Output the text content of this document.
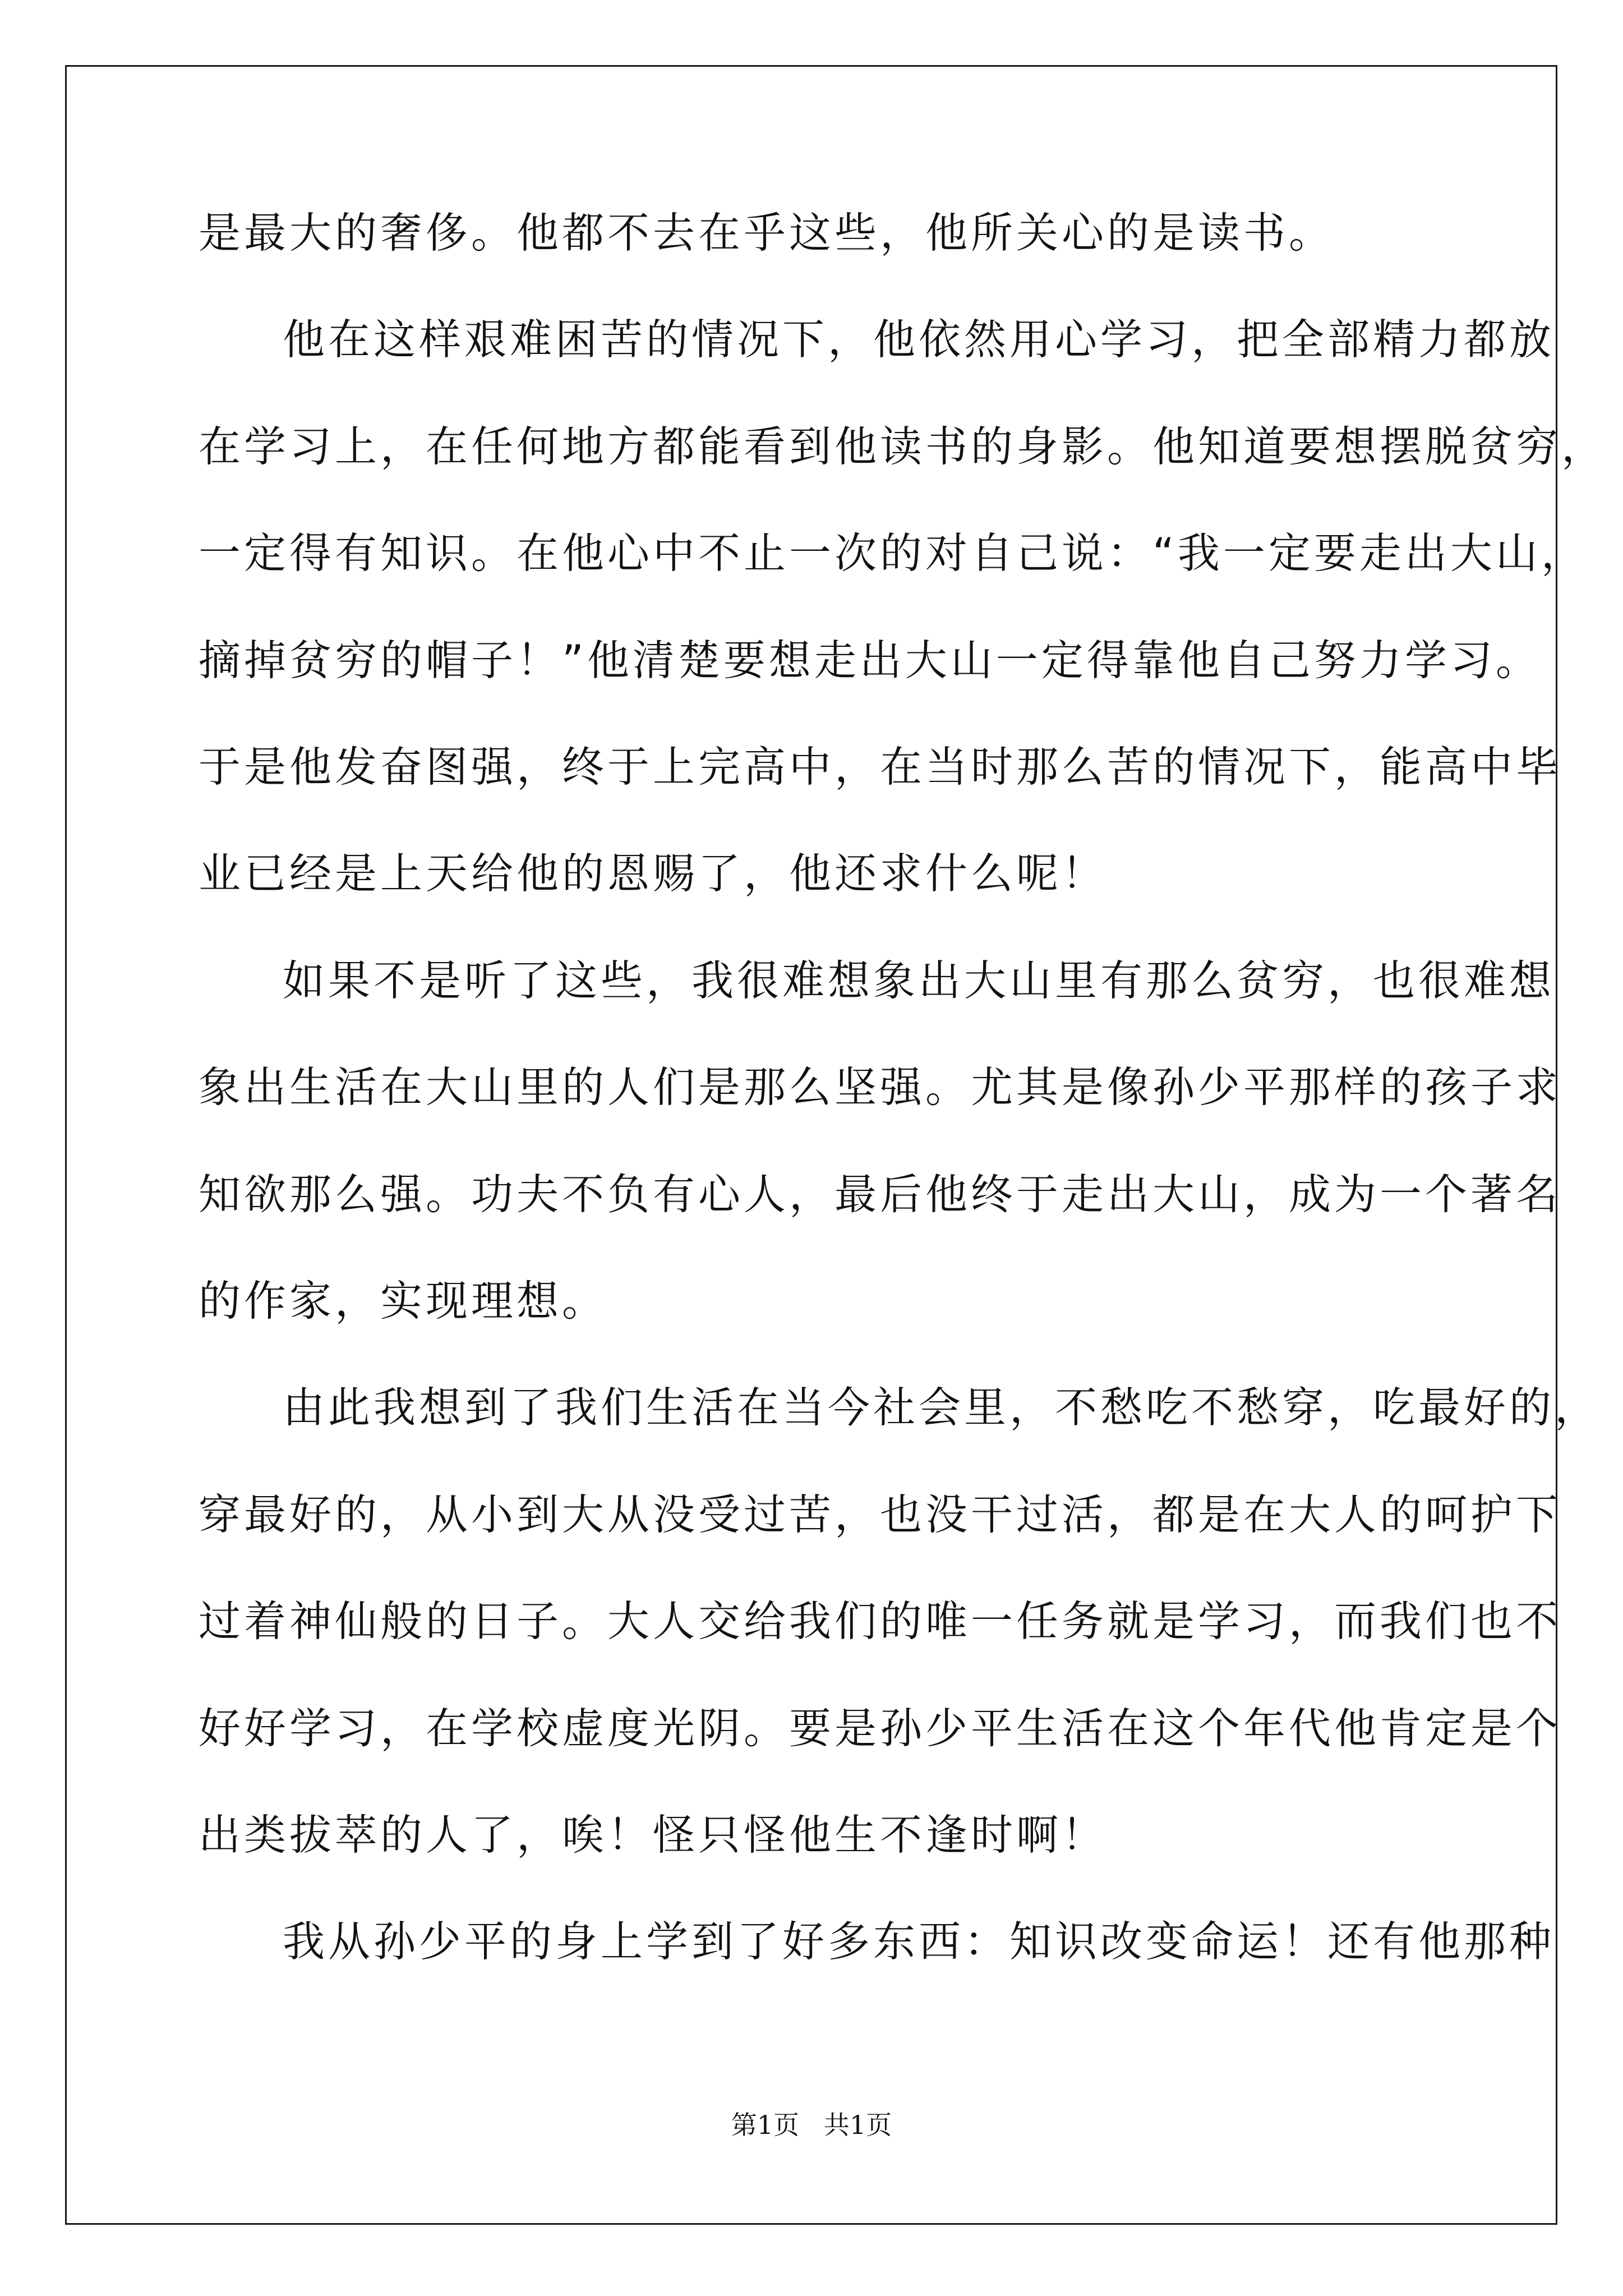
是最大的奢侈。他都不去在乎这些，他所关心的是读书。
他在这样艰难困苦的情况下，他依然用心学习，把全部精力都放
在学习上，在任何地方都能看到他读书的身影。他知道要想摆脱贫穷，
一定得有知识。在他心中不止一次的对自己说：“我一定要走出大山，
摘掉贫穷的帽子！”他清楚要想走出大山一定得靠他自己努力学习。
于是他发奋图强，终于上完高中，在当时那么苦的情况下，能高中毕
业已经是上天给他的恩赐了，他还求什么呢！
如果不是听了这些，我很难想象出大山里有那么贫穷，也很难想
象出生活在大山里的人们是那么坚强。尤其是像孙少平那样的孩子求
知欲那么强。功夫不负有心人，最后他终于走出大山，成为一个著名
的作家，实现理想。
由此我想到了我们生活在当今社会里，不愁吃不愁穿，吃最好的，
穿最好的，从小到大从没受过苦，也没干过活，都是在大人的呵护下
过着神仙般的日子。大人交给我们的唯一任务就是学习，而我们也不
好好学习，在学校虚度光阴。要是孙少平生活在这个年代他肯定是个
出类拔萃的人了，唉！怪只怪他生不逢时啊！
我从孙少平的身上学到了好多东西：知识改变命运！还有他那种
第1页   共1页
